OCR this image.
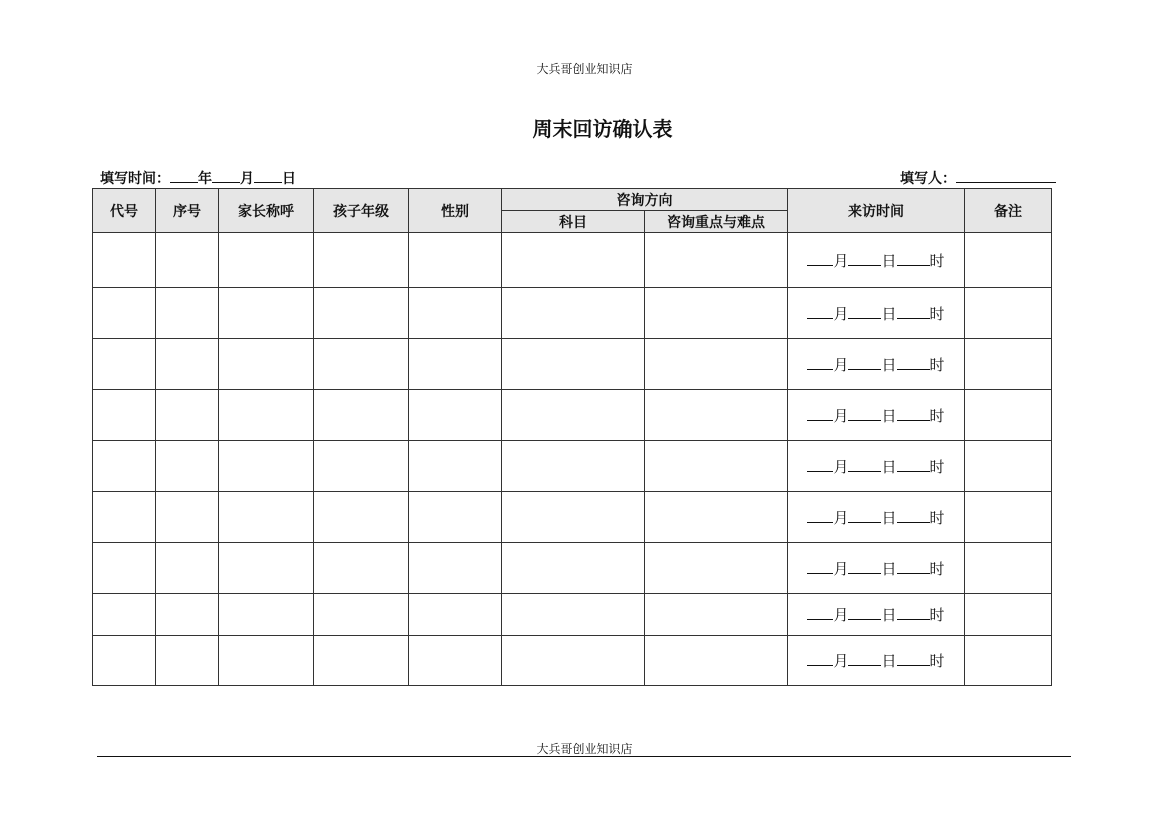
大兵哥创业知识店
周末回访确认表
填写时间： 年 月 日	填写人：
代号	序号	家长称呼	孩子年级	性别	咨询方向		来访时间	备注
					科目	咨询重点与难点		
							月 日 时	
							月 日 时	
							月 日 时	
							月 日 时	
							月 日 时	
							月 日 时	
							月 日 时	
							月 日 时	
							月 日 时	
大兵哥创业知识店
